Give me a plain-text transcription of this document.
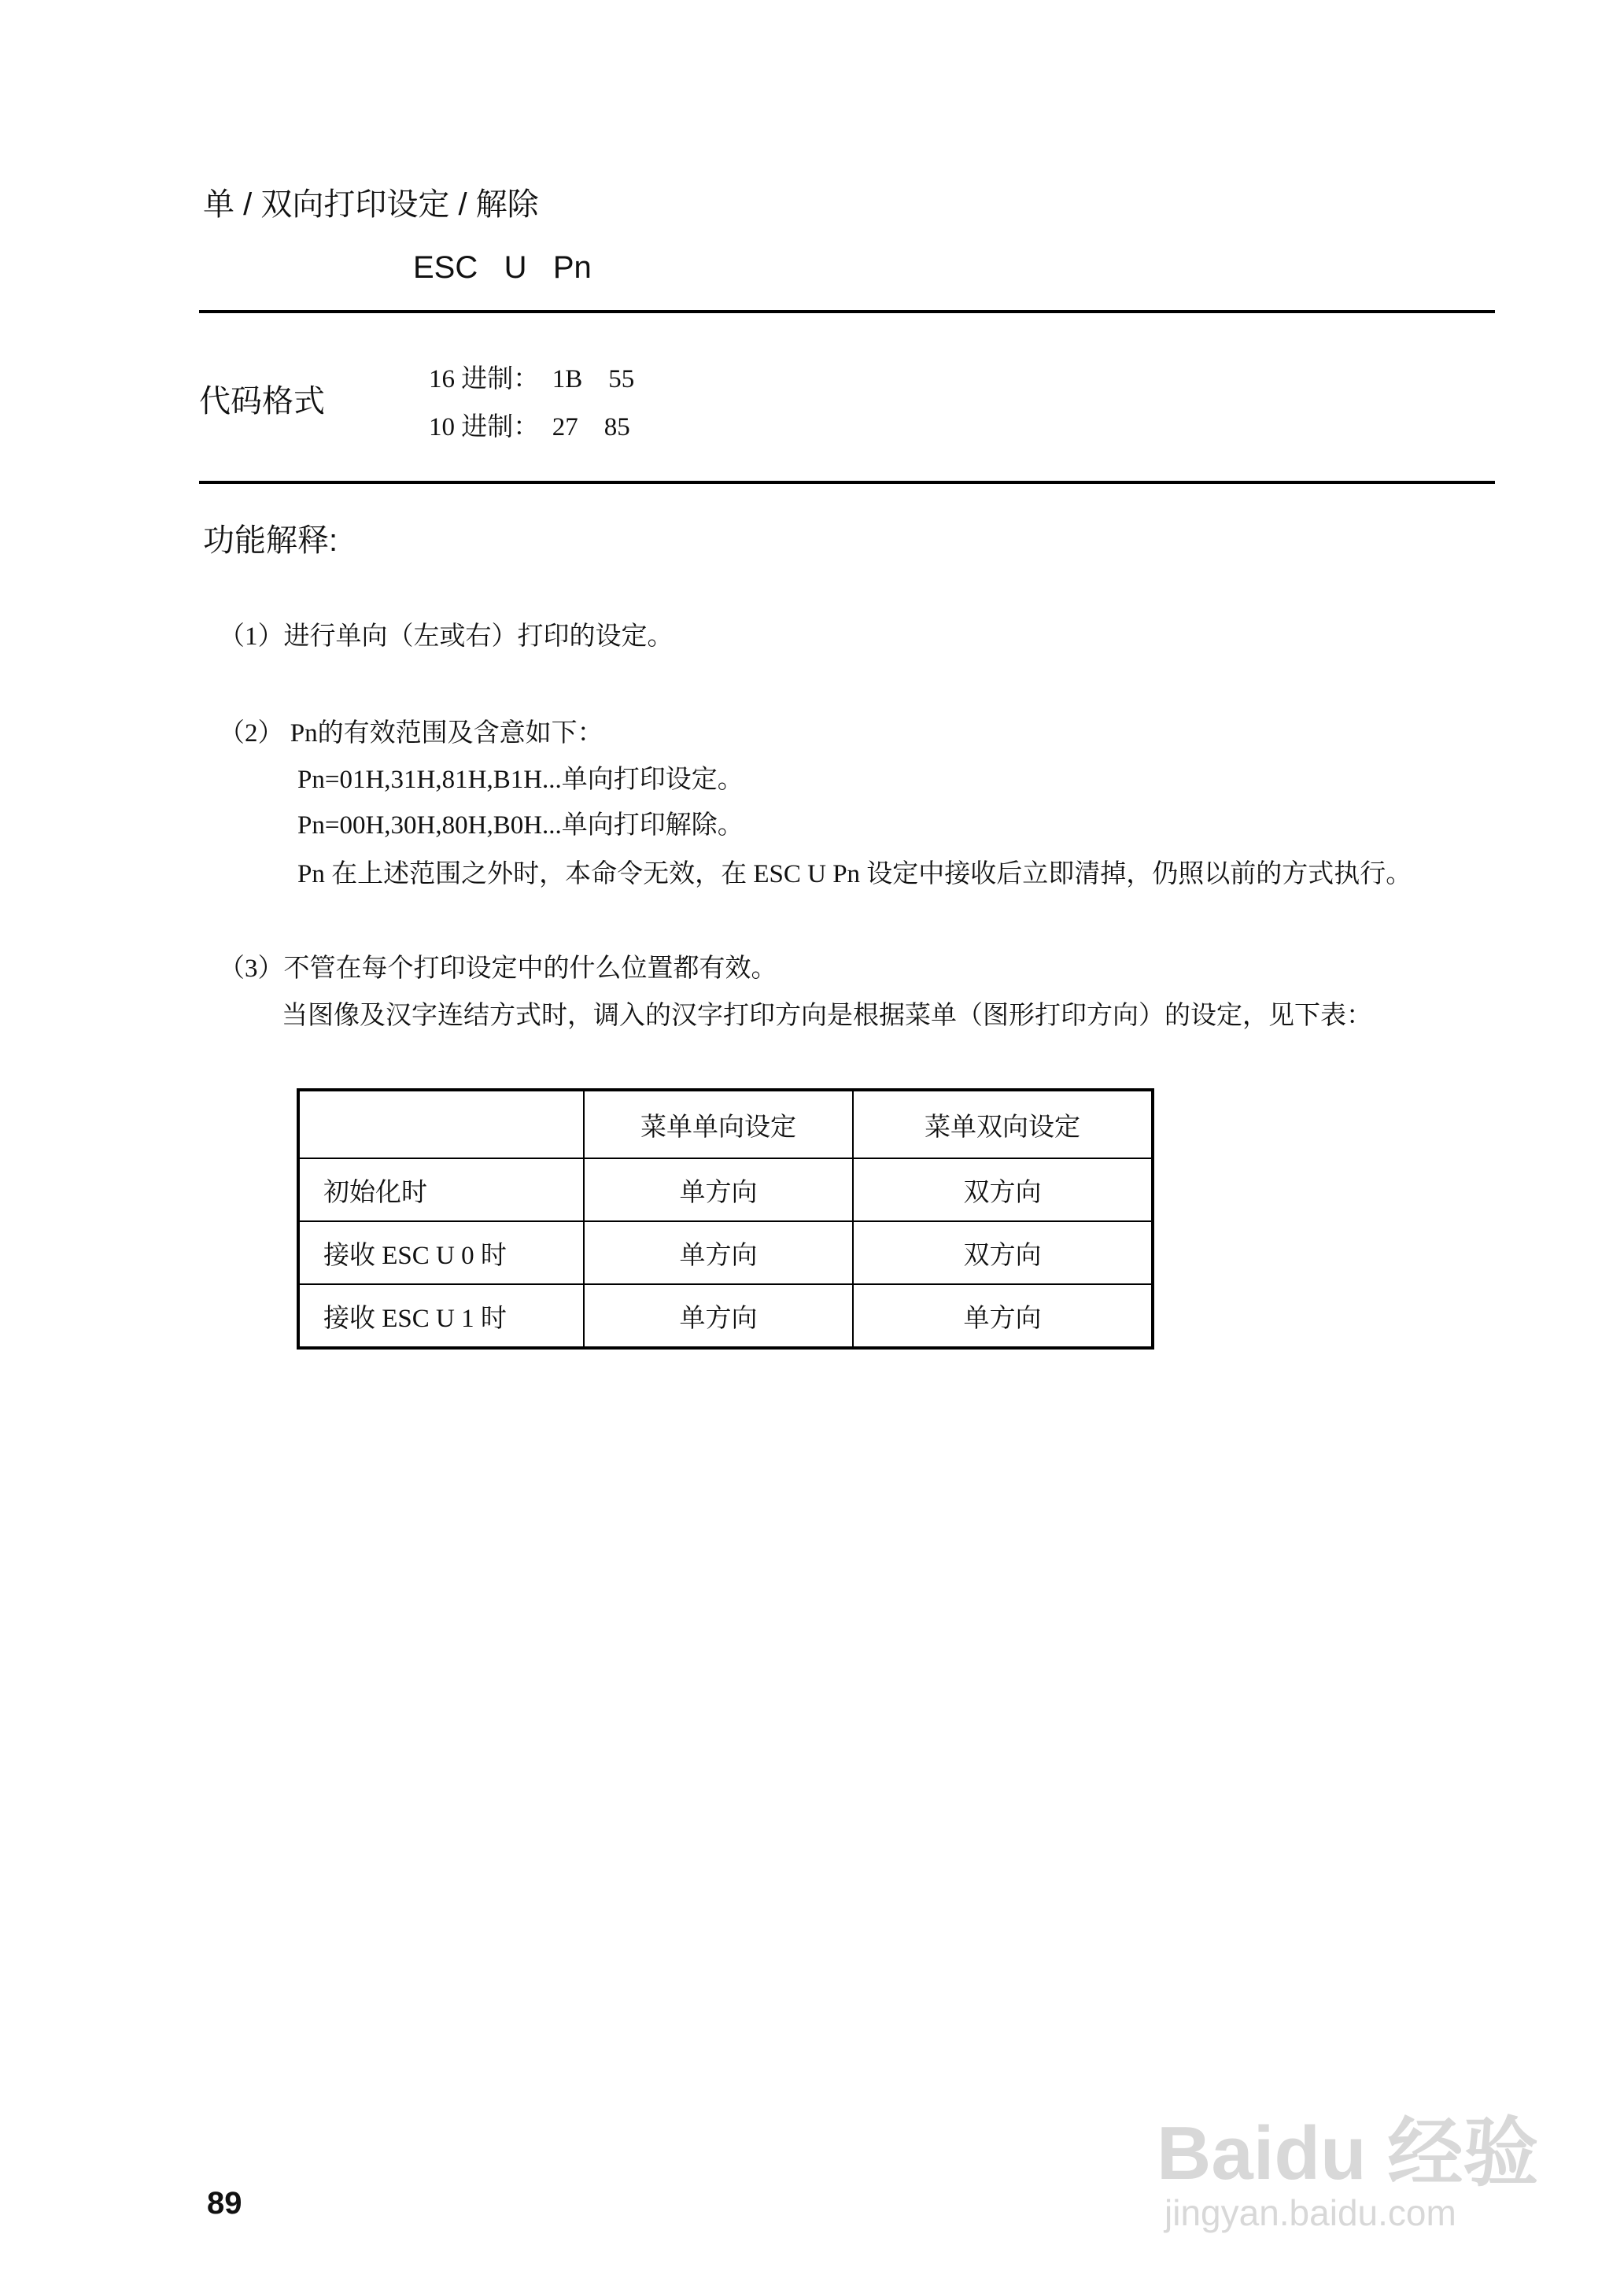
单 / 双向打印设定 / 解除
ESC   U   Pn
代码格式
16 进制：  1B    55
10 进制：  27    85
功能解释:
（1）进行单向（左或右）打印的设定。
（2） Pn的有效范围及含意如下：
Pn=01H,31H,81H,B1H...单向打印设定。
Pn=00H,30H,80H,B0H...单向打印解除。
Pn 在上述范围之外时，本命令无效，在 ESC U Pn 设定中接收后立即清掉，仍照以前的方式执行。
（3）不管在每个打印设定中的什么位置都有效。
当图像及汉字连结方式时，调入的汉字打印方向是根据菜单（图形打印方向）的设定，见下表：
	菜单单向设定	菜单双向设定
初始化时	单方向	双方向
接收 ESC U 0 时	单方向	双方向
接收 ESC U 1 时	单方向	单方向
Baidu 经验
jingyan.baidu.com
89
